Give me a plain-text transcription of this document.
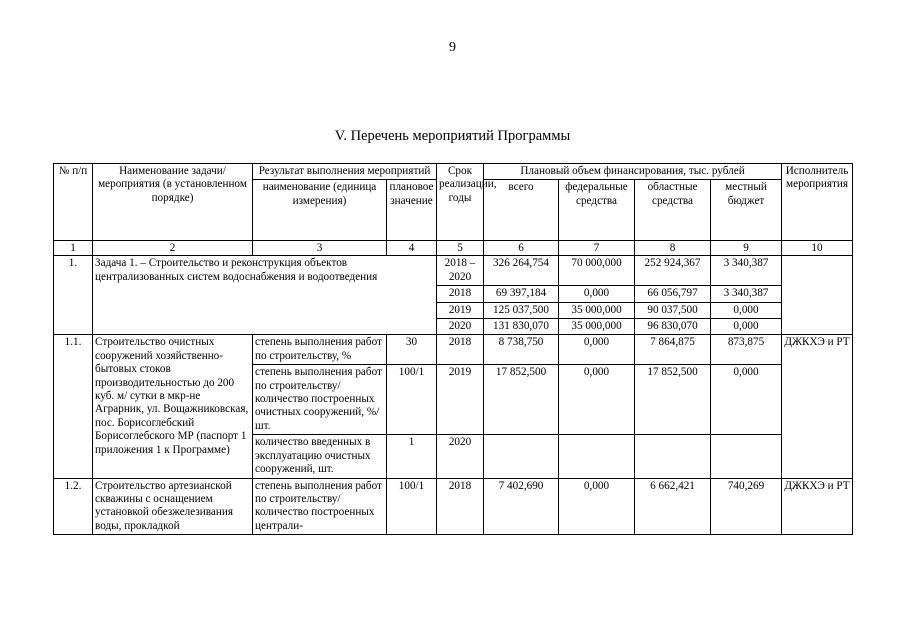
9
V. Перечень мероприятий Программы
№ п/п	Наименование задачи/ мероприятия (в установленном порядке)	Результат выполнения мероприятий		Срок реализации, годы	Плановый объем финансирования, тыс. рублей				Исполнитель мероприятия
		наименование (единица измерения)	плановое значение		всего	федеральные средства	областные средства	местный бюджет	
1	2	3	4	5	6	7	8	9	10
1.	Задача 1. – Строительство и реконструкция объектов централизованных систем водоснабжения и водоотведения			2018 – 2020	326 264,754	70 000,000	252 924,367	3 340,387	
				2018	69 397,184	0,000	66 056,797	3 340,387	
				2019	125 037,500	35 000,000	90 037,500	0,000	
				2020	131 830,070	35 000,000	96 830,070	0,000	
1.1.	Строительство очистных сооружений хозяйственно-бытовых стоков производительностью до 200 куб. м/ сутки в мкр-не Аграрник, ул. Вощажниковская, пос. Борисоглебский Борисоглебского МР (паспорт 1 приложения 1 к Программе)	степень выполнения работ по строительству, %	30	2018	8 738,750	0,000	7 864,875	873,875	ДЖКХЭ и РТ
		степень выполнения работ по строительству/ количество построенных очистных сооружений, %/шт.	100/1	2019	17 852,500	0,000	17 852,500	0,000	
		количество введенных в эксплуатацию очистных сооружений, шт.	1	2020					
1.2.	Строительство артезианской скважины с оснащением установкой обезжелезивания воды, прокладкой	степень выполнения работ по строительству/ количество построенных централи-	100/1	2018	7 402,690	0,000	6 662,421	740,269	ДЖКХЭ и РТ
